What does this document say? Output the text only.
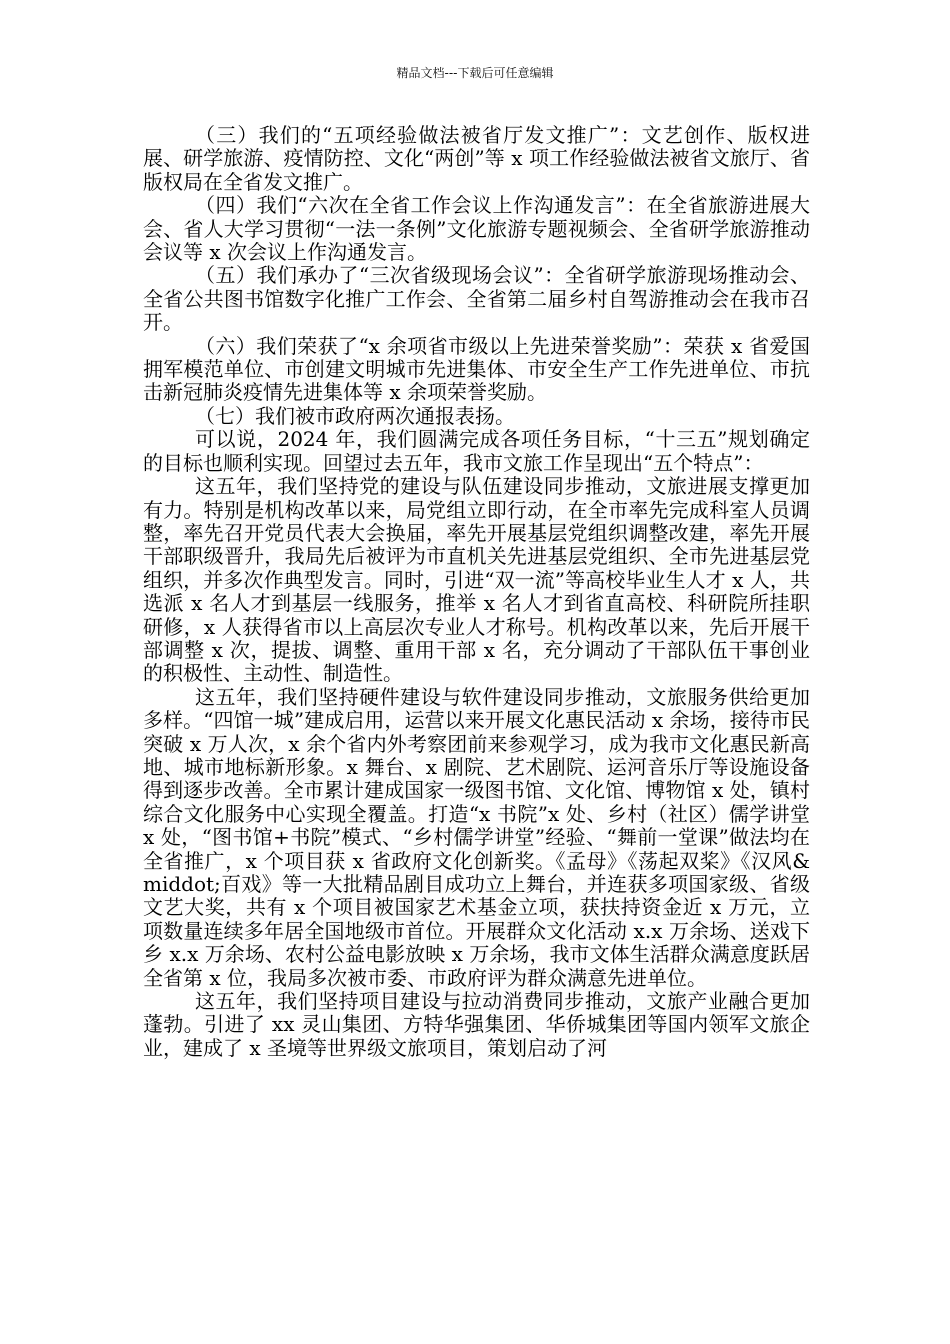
精品文档---下载后可任意编辑

（三）我们的“五项经验做法被省厅发文推广”：文艺创作、版权进展、研学旅游、疫情防控、文化“两创”等 x 项工作经验做法被省文旅厅、省版权局在全省发文推广。

（四）我们“六次在全省工作会议上作沟通发言”：在全省旅游进展大会、省人大学习贯彻“一法一条例”文化旅游专题视频会、全省研学旅游推动会议等 x 次会议上作沟通发言。

（五）我们承办了“三次省级现场会议”：全省研学旅游现场推动会、全省公共图书馆数字化推广工作会、全省第二届乡村自驾游推动会在我市召开。

（六）我们荣获了“x 余项省市级以上先进荣誉奖励”：荣获 x 省爱国拥军模范单位、市创建文明城市先进集体、市安全生产工作先进单位、市抗击新冠肺炎疫情先进集体等 x 余项荣誉奖励。

（七）我们被市政府两次通报表扬。

可以说，2024 年，我们圆满完成各项任务目标，“十三五”规划确定的目标也顺利实现。回望过去五年，我市文旅工作呈现出“五个特点”：

这五年，我们坚持党的建设与队伍建设同步推动，文旅进展支撑更加有力。特别是机构改革以来，局党组立即行动，在全市率先完成科室人员调整，率先召开党员代表大会换届，率先开展基层党组织调整改建，率先开展干部职级晋升，我局先后被评为市直机关先进基层党组织、全市先进基层党组织，并多次作典型发言。同时，引进“双一流”等高校毕业生人才 x 人，共选派 x 名人才到基层一线服务，推举 x 名人才到省直高校、科研院所挂职研修，x 人获得省市以上高层次专业人才称号。机构改革以来，先后开展干部调整 x 次，提拔、调整、重用干部 x 名，充分调动了干部队伍干事创业的积极性、主动性、制造性。

这五年，我们坚持硬件建设与软件建设同步推动，文旅服务供给更加多样。“四馆一城”建成启用，运营以来开展文化惠民活动 x 余场，接待市民突破 x 万人次，x 余个省内外考察团前来参观学习，成为我市文化惠民新高地、城市地标新形象。x 舞台、x 剧院、艺术剧院、运河音乐厅等设施设备得到逐步改善。全市累计建成国家一级图书馆、文化馆、博物馆 x 处，镇村综合文化服务中心实现全覆盖。打造“x 书院”x 处、乡村（社区）儒学讲堂 x 处，“图书馆+书院”模式、“乡村儒学讲堂”经验、“舞前一堂课”做法均在全省推广，x 个项目获 x 省政府文化创新奖。《孟母》《荡起双桨》《汉风&middot;百戏》等一大批精品剧目成功立上舞台，并连获多项国家级、省级文艺大奖，共有 x 个项目被国家艺术基金立项，获扶持资金近 x 万元，立项数量连续多年居全国地级市首位。开展群众文化活动 x.x 万余场、送戏下乡 x.x 万余场、农村公益电影放映 x 万余场，我市文体生活群众满意度跃居全省第 x 位，我局多次被市委、市政府评为群众满意先进单位。

这五年，我们坚持项目建设与拉动消费同步推动，文旅产业融合更加蓬勃。引进了 xx 灵山集团、方特华强集团、华侨城集团等国内领军文旅企业，建成了 x 圣境等世界级文旅项目，策划启动了河
